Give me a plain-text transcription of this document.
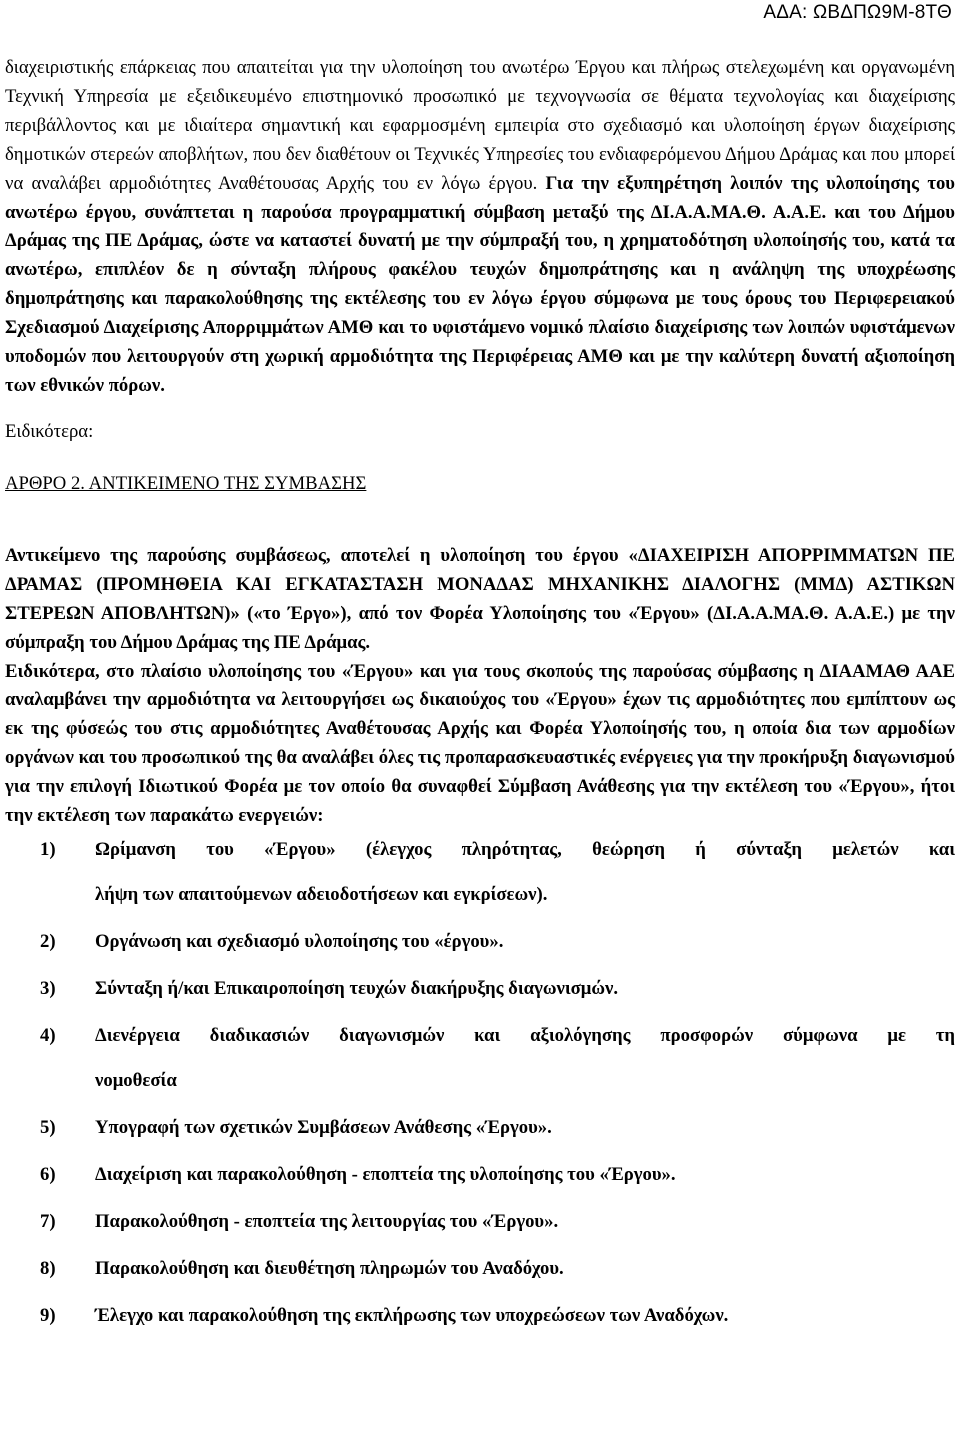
ΑΔΑ: ΩΒΔΠΩ9Μ-8ΤΘ

διαχειριστικής επάρκειας που απαιτείται για την υλοποίηση του ανωτέρω Έργου και πλήρως στελεχωμένη και οργανωμένη Τεχνική Υπηρεσία με εξειδικευμένο επιστημονικό προσωπικό με τεχνογνωσία σε θέματα τεχνολογίας και διαχείρισης περιβάλλοντος και με ιδιαίτερα σημαντική και εφαρμοσμένη εμπειρία στο σχεδιασμό και υλοποίηση έργων διαχείρισης δημοτικών στερεών αποβλήτων, που δεν διαθέτουν οι Τεχνικές Υπηρεσίες του ενδιαφερόμενου Δήμου Δράμας και που μπορεί να αναλάβει αρμοδιότητες Αναθέτουσας Αρχής του εν λόγω έργου. Για την εξυπηρέτηση λοιπόν της υλοποίησης του ανωτέρω έργου, συνάπτεται η παρούσα προγραμματική σύμβαση μεταξύ της ΔΙ.Α.Α.ΜΑ.Θ. Α.Α.Ε. και του Δήμου Δράμας της ΠΕ Δράμας, ώστε να καταστεί δυνατή με την σύμπραξή του, η χρηματοδότηση υλοποίησής του, κατά τα ανωτέρω, επιπλέον δε η σύνταξη πλήρους φακέλου τευχών δημοπράτησης και η ανάληψη της υποχρέωσης δημοπράτησης και παρακολούθησης της εκτέλεσης του εν λόγω έργου σύμφωνα με τους όρους του Περιφερειακού Σχεδιασμού Διαχείρισης Απορριμμάτων ΑΜΘ και το υφιστάμενο νομικό πλαίσιο διαχείρισης των λοιπών υφιστάμενων υποδομών που λειτουργούν στη χωρική αρμοδιότητα της Περιφέρειας ΑΜΘ και με την καλύτερη δυνατή αξιοποίηση των εθνικών πόρων.

Ειδικότερα:

ΑΡΘΡΟ 2. ΑΝΤΙΚΕΙΜΕΝΟ ΤΗΣ ΣΥΜΒΑΣΗΣ

Αντικείμενο της παρούσης συμβάσεως, αποτελεί η υλοποίηση του έργου «ΔΙΑΧΕΙΡΙΣΗ ΑΠΟΡΡΙΜΜΑΤΩΝ ΠΕ ΔΡΑΜΑΣ (ΠΡΟΜΗΘΕΙΑ ΚΑΙ ΕΓΚΑΤΑΣΤΑΣΗ ΜΟΝΑΔΑΣ ΜΗΧΑΝΙΚΗΣ ΔΙΑΛΟΓΗΣ (ΜΜΔ) ΑΣΤΙΚΩΝ ΣΤΕΡΕΩΝ ΑΠΟΒΛΗΤΩΝ)» («το Έργο»), από τον Φορέα Υλοποίησης του «Έργου» (ΔΙ.Α.Α.ΜΑ.Θ. Α.Α.Ε.) με την σύμπραξη του Δήμου Δράμας της ΠΕ Δράμας.

Ειδικότερα, στο πλαίσιο υλοποίησης του «Έργου» και για τους σκοπούς της παρούσας σύμβασης η ΔΙΑΑΜΑΘ ΑΑΕ αναλαμβάνει την αρμοδιότητα να λειτουργήσει ως δικαιούχος του «Έργου» έχων τις αρμοδιότητες που εμπίπτουν ως εκ της φύσεώς του στις αρμοδιότητες Αναθέτουσας Αρχής και Φορέα Υλοποίησής του, η οποία δια των αρμοδίων οργάνων και του προσωπικού της θα αναλάβει όλες τις προπαρασκευαστικές ενέργειες για την προκήρυξη διαγωνισμού για την επιλογή Ιδιωτικού Φορέα με τον οποίο θα συναφθεί Σύμβαση Ανάθεσης για την εκτέλεση του «Έργου», ήτοι την εκτέλεση των παρακάτω ενεργειών:

1) Ωρίμανση του «Έργου» (έλεγχος πληρότητας, θεώρηση ή σύνταξη μελετών και
λήψη των απαιτούμενων αδειοδοτήσεων και εγκρίσεων).
2) Οργάνωση και σχεδιασμό υλοποίησης του «έργου».
3) Σύνταξη ή/και Επικαιροποίηση τευχών διακήρυξης διαγωνισμών.
4) Διενέργεια διαδικασιών διαγωνισμών και αξιολόγησης προσφορών σύμφωνα με τη
νομοθεσία
5) Υπογραφή των σχετικών Συμβάσεων Ανάθεσης «Έργου».
6) Διαχείριση και παρακολούθηση - εποπτεία της υλοποίησης του «Έργου».
7) Παρακολούθηση - εποπτεία της λειτουργίας του «Έργου».
8) Παρακολούθηση και διευθέτηση πληρωμών του Αναδόχου.
9) Έλεγχο και παρακολούθηση της εκπλήρωσης των υποχρεώσεων των Αναδόχων.
